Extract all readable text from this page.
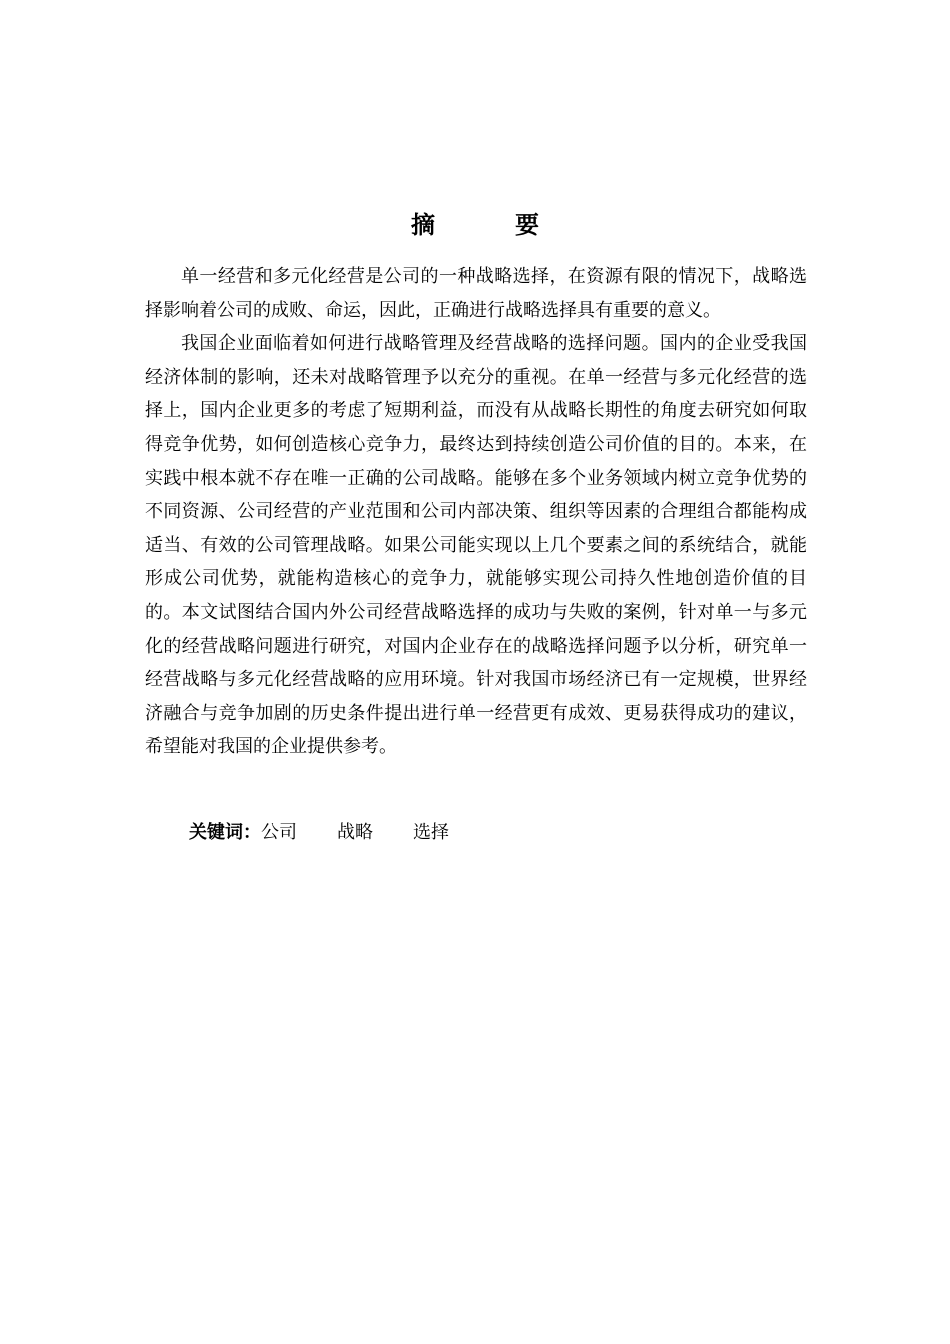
摘　要

单一经营和多元化经营是公司的一种战略选择，在资源有限的情况下，战略选择影响着公司的成败、命运，因此，正确进行战略选择具有重要的意义。

我国企业面临着如何进行战略管理及经营战略的选择问题。国内的企业受我国经济体制的影响，还未对战略管理予以充分的重视。在单一经营与多元化经营的选择上，国内企业更多的考虑了短期利益，而没有从战略长期性的角度去研究如何取得竞争优势，如何创造核心竞争力，最终达到持续创造公司价值的目的。本来，在实践中根本就不存在唯一正确的公司战略。能够在多个业务领域内树立竞争优势的不同资源、公司经营的产业范围和公司内部决策、组织等因素的合理组合都能构成适当、有效的公司管理战略。如果公司能实现以上几个要素之间的系统结合，就能形成公司优势，就能构造核心的竞争力，就能够实现公司持久性地创造价值的目的。本文试图结合国内外公司经营战略选择的成功与失败的案例，针对单一与多元化的经营战略问题进行研究，对国内企业存在的战略选择问题予以分析，研究单一经营战略与多元化经营战略的应用环境。针对我国市场经济已有一定规模，世界经济融合与竞争加剧的历史条件提出进行单一经营更有成效、更易获得成功的建议，希望能对我国的企业提供参考。

关键词：公司 战略 选择
